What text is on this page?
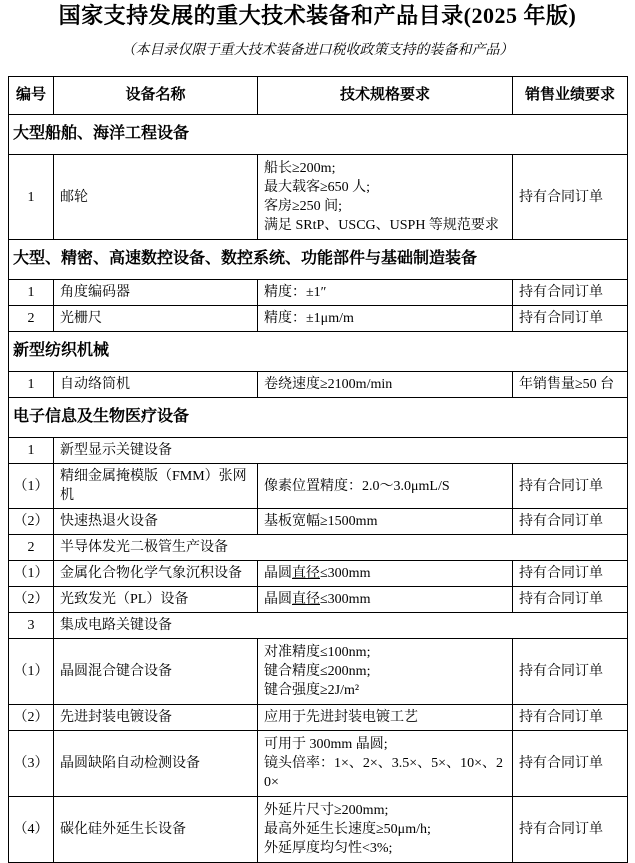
国家支持发展的重大技术装备和产品目录(2025 年版)
（本目录仅限于重大技术装备进口税收政策支持的装备和产品）
编号	设备名称	技术规格要求	销售业绩要求
大型船舶、海洋工程设备			
1	邮轮	船长≥200m;
最大载客≥650 人;
客房≥250 间;
满足 SRtP、USCG、USPH 等规范要求	持有合同订单
大型、精密、高速数控设备、数控系统、功能部件与基础制造装备			
1	角度编码器	精度：±1″	持有合同订单
2	光栅尺	精度：±1μm/m	持有合同订单
新型纺织机械			
1	自动络筒机	卷绕速度≥2100m/min	年销售量≥50 台
电子信息及生物医疗设备			
1	新型显示关键设备		
（1）	精细金属掩模版（FMM）张网机	像素位置精度：2.0～3.0μmL/S	持有合同订单
（2）	快速热退火设备	基板宽幅≥1500mm	持有合同订单
2	半导体发光二极管生产设备		
（1）	金属化合物化学气象沉积设备	晶圆直径≤300mm	持有合同订单
（2）	光致发光（PL）设备	晶圆直径≤300mm	持有合同订单
3	集成电路关键设备		
（1）	晶圆混合键合设备	对准精度≤100nm;
键合精度≤200nm;
键合强度≥2J/m²	持有合同订单
（2）	先进封装电镀设备	应用于先进封装电镀工艺	持有合同订单
（3）	晶圆缺陷自动检测设备	可用于 300mm 晶圆;
镜头倍率：1×、2×、3.5×、5×、10×、20×	持有合同订单
（4）	碳化硅外延生长设备	外延片尺寸≥200mm;
最高外延生长速度≥50μm/h;
外延厚度均匀性<3%;	持有合同订单
